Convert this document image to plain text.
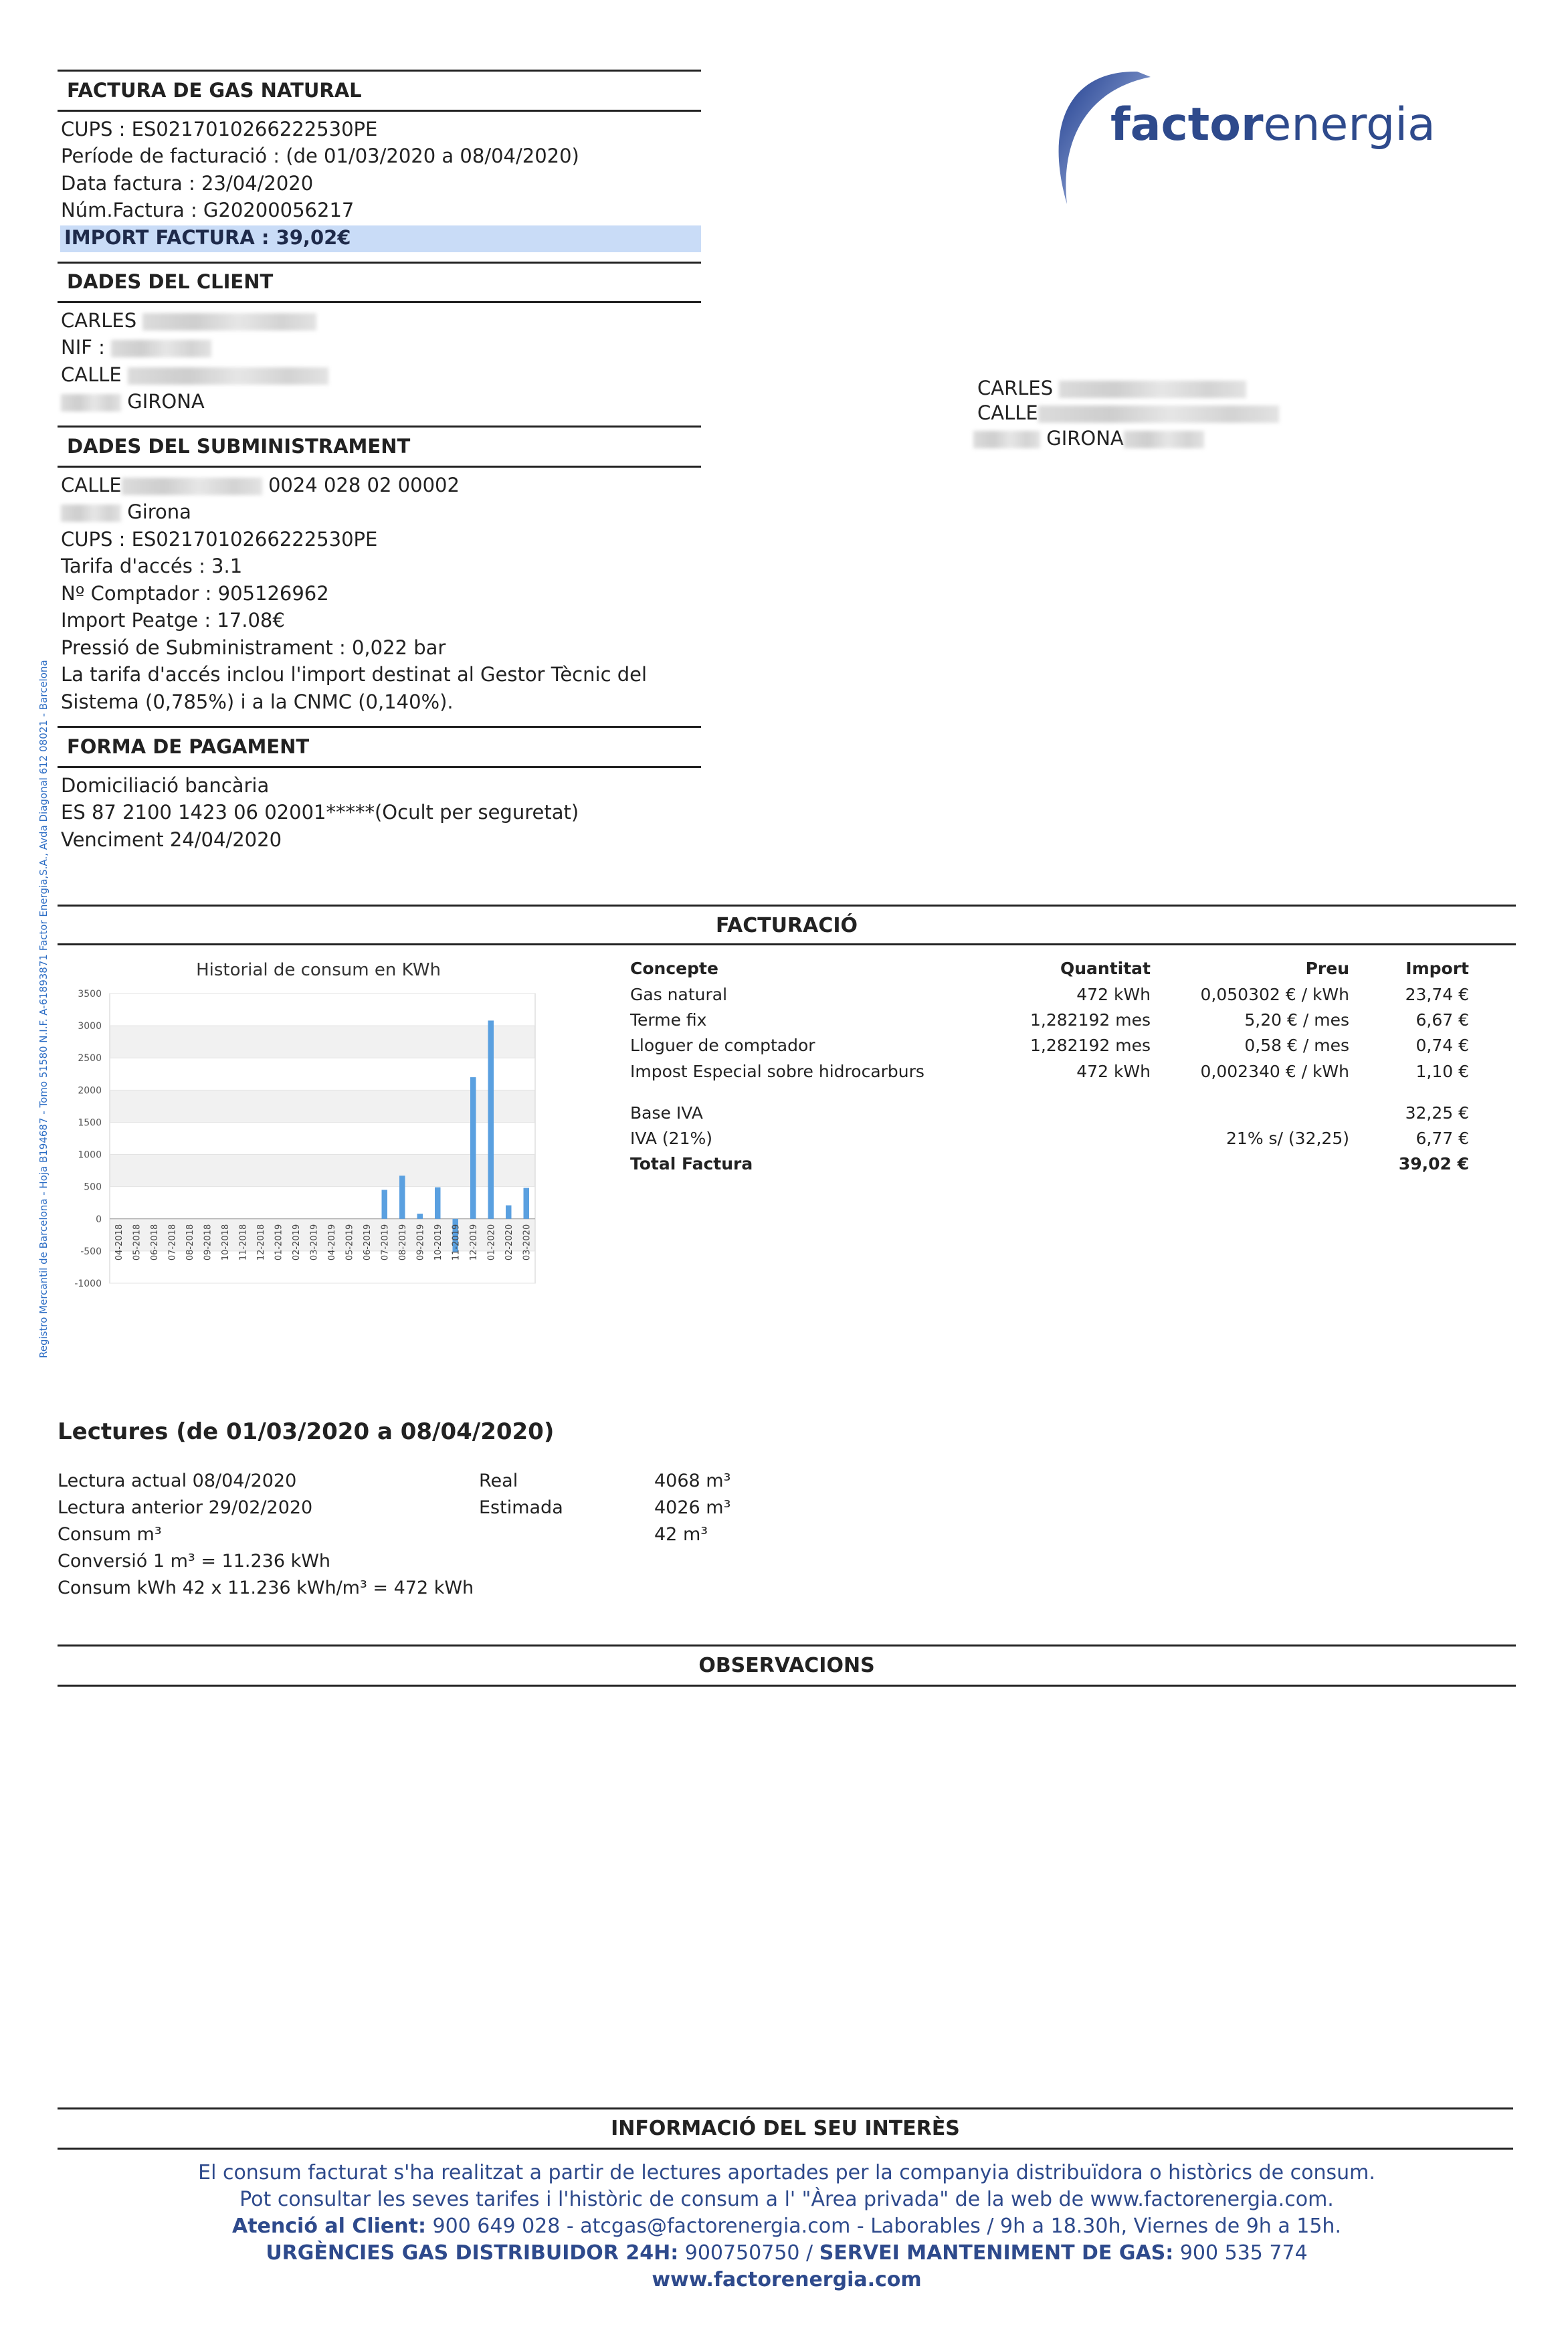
Registro Mercantil de Barcelona - Hoja B194687 - Tomo 51580 N.I.F. A-61893871 Factor Energia,S.A., Avda Diagonal 612 08021 - Barcelona
factorenergia
FACTURA DE GAS NATURAL
CUPS : ES0217010266222530PE
Període de facturació : (de 01/03/2020 a 08/04/2020)
Data factura : 23/04/2020
Núm.Factura : G20200056217
IMPORT FACTURA : 39,02€
DADES DEL CLIENT
CARLES
NIF :
CALLE
GIRONA
CARLES
CALLE
GIRONA
DADES DEL SUBMINISTRAMENT
CALLE	0024 028 02 00002
Girona
CUPS : ES0217010266222530PE
Tarifa d'accés : 3.1
Nº Comptador : 905126962
Import Peatge : 17.08€
Pressió de Subministrament : 0,022 bar
La tarifa d'accés inclou l'import destinat al Gestor Tècnic del
Sistema (0,785%) i a la CNMC (0,140%).
FORMA DE PAGAMENT
Domiciliació bancària
ES 87 2100 1423 06 02001*****(Ocult per seguretat)
Venciment 24/04/2020
FACTURACIÓ
Historial de consum en KWh
-1000
-500
0
500
1000
1500
2000
2500
3000
3500
04-2018 05-2018 06-2018 07-2018 08-2018 09-2018 10-2018 11-2018 12-2018 01-2019 02-2019 03-2019 04-2019 05-2019 06-2019 07-2019 08-2019 09-2019 10-2019 11-2019 12-2019 01-2020 02-2020 03-2020
Concepte	Quantitat	Preu	Import
Gas natural	472 kWh	0,050302 € / kWh	23,74 €
Terme fix	1,282192 mes	5,20 € / mes	6,67 €
Lloguer de comptador	1,282192 mes	0,58 € / mes	0,74 €
Impost Especial sobre hidrocarburs	472 kWh	0,002340 € / kWh	1,10 €
Base IVA	32,25 €
IVA (21%)	21% s/ (32,25)	6,77 €
Total Factura	39,02 €
Lectures (de 01/03/2020 a 08/04/2020)
Lectura actual 08/04/2020	Real	4068 m³
Lectura anterior 29/02/2020	Estimada	4026 m³
Consum m³	42 m³
Conversió 1 m³ = 11.236 kWh
Consum kWh 42 x 11.236 kWh/m³ = 472 kWh
OBSERVACIONS
INFORMACIÓ DEL SEU INTERÈS
El consum facturat s'ha realitzat a partir de lectures aportades per la companyia distribuïdora o històrics de consum.
Pot consultar les seves tarifes i l'històric de consum a l' "Àrea privada" de la web de www.factorenergia.com.
Atenció al Client: 900 649 028 - atcgas@factorenergia.com - Laborables / 9h a 18.30h, Viernes de 9h a 15h.
URGÈNCIES GAS DISTRIBUIDOR 24H: 900750750 / SERVEI MANTENIMENT DE GAS: 900 535 774
www.factorenergia.com
